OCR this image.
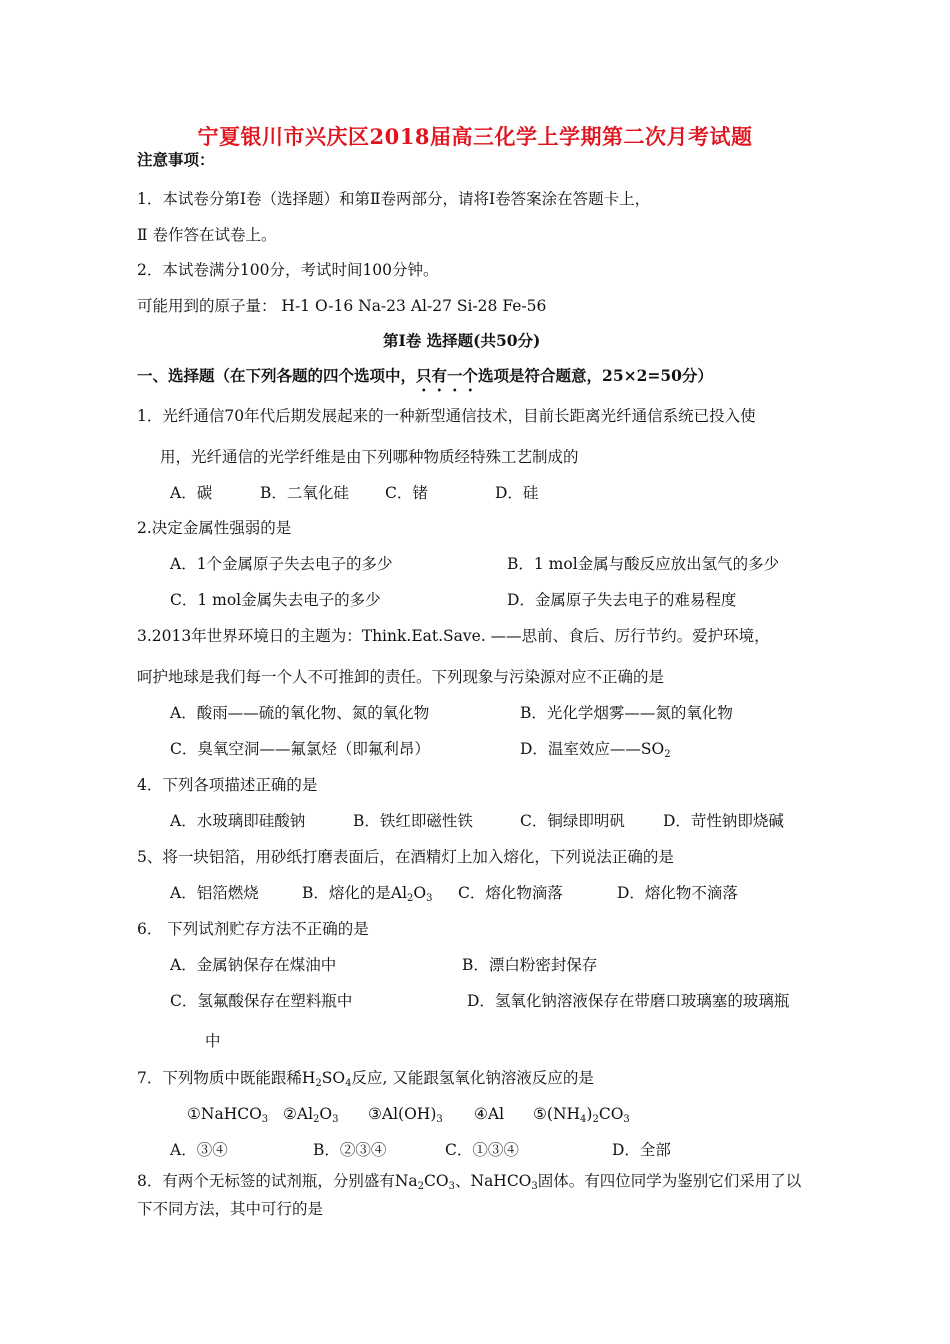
宁夏银川市兴庆区2018届高三化学上学期第二次月考试题
注意事项：
1．本试卷分第Ⅰ卷（选择题）和第Ⅱ卷两部分，请将Ⅰ卷答案涂在答题卡上，
Ⅱ 卷作答在试卷上。
2．本试卷满分100分，考试时间100分钟。
可能用到的原子量： H-1 O-16 Na-23 Al-27 Si-28 Fe-56
第Ⅰ卷 选择题(共50分)
一、选择题（在下列各题的四个选项中，只有一个选项是符合题意，25×2=50分）
1．光纤通信70年代后期发展起来的一种新型通信技术，目前长距离光纤通信系统已投入使
用，光纤通信的光学纤维是由下列哪种物质经特殊工艺制成的
A．碳	B．二氧化硅 C．锗	D．硅
2.决定金属性强弱的是
A．1个金属原子失去电子的多少	B．1 mol金属与酸反应放出氢气的多少
C．1 mol金属失去电子的多少	D．金属原子失去电子的难易程度
3.2013年世界环境日的主题为：Think.Eat.Save. ——思前、食后、厉行节约。爱护环境，
呵护地球是我们每一个人不可推卸的责任。下列现象与污染源对应不正确的是
A．酸雨——硫的氧化物、氮的氧化物	B．光化学烟雾——氮的氧化物
C．臭氧空洞——氟氯烃（即氟利昂）	D．温室效应$——SO_2$
4．下列各项描述正确的是
A．水玻璃即硅酸钠	B．铁红即磁性铁	C．铜绿即明矾 D．苛性钠即烧碱
5、将一块铝箔，用砂纸打磨表面后，在酒精灯上加入熔化，下列说法正确的是
A．铝箔燃烧	B．熔化的是$Al_2O_3$ C．熔化物滴落	D．熔化物不滴落
6． 下列试剂贮存方法不正确的是
A．金属钠保存在煤油中	B．漂白粉密封保存
C．氢氟酸保存在塑料瓶中	D．氢氧化钠溶液保存在带磨口玻璃塞的玻璃瓶
中
7．下列物质中既能跟稀$H_2SO_4$反应, 又能跟氢氧化钠溶液反应的是
①NaHCO$_3$ $②Al_2O_3$ $③Al(OH)_3$ ④Al $⑤(NH_4)_2CO_3$
A．③④	B．②③④	C．①③④	D．全部
8．有两个无标签的试剂瓶，分别盛有$Na_2CO_3$、NaHCO$_3$固体。有四位同学为鉴别它们采用了以
下不同方法，其中可行的是
